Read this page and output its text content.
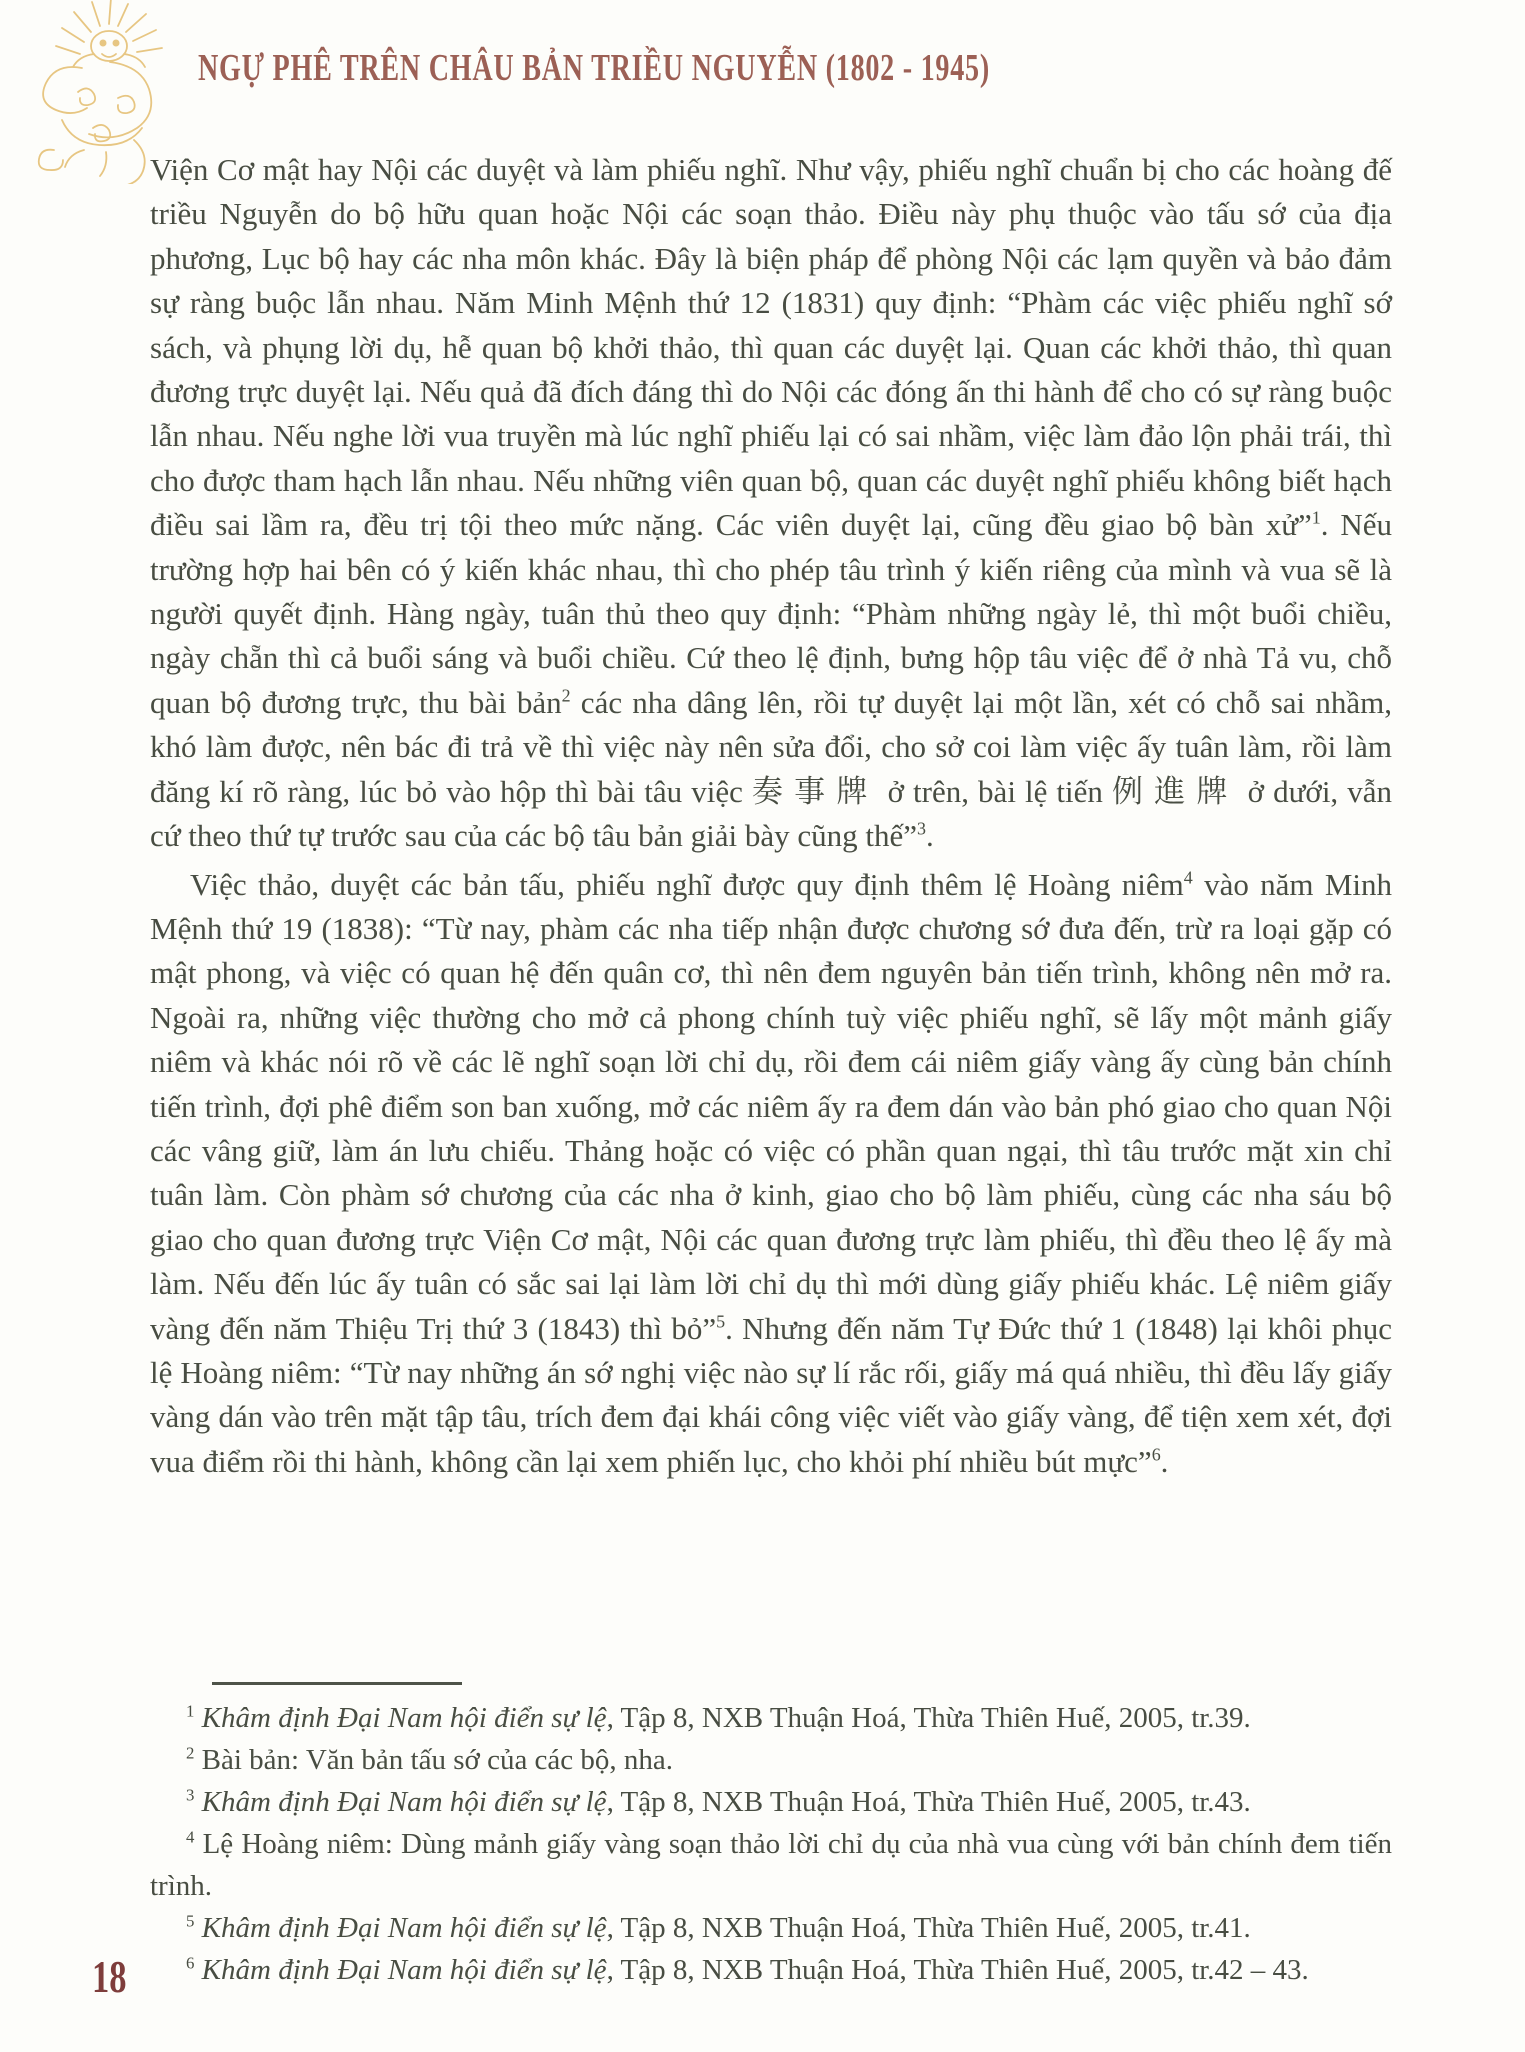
NGỰ PHÊ TRÊN CHÂU BẢN TRIỀU NGUYỄN (1802 - 1945)

Viện Cơ mật hay Nội các duyệt và làm phiếu nghĩ. Như vậy, phiếu nghĩ chuẩn bị cho các hoàng đế triều Nguyễn do bộ hữu quan hoặc Nội các soạn thảo. Điều này phụ thuộc vào tấu sớ của địa phương, Lục bộ hay các nha môn khác. Đây là biện pháp để phòng Nội các lạm quyền và bảo đảm sự ràng buộc lẫn nhau. Năm Minh Mệnh thứ 12 (1831) quy định: “Phàm các việc phiếu nghĩ sớ sách, và phụng lời dụ, hễ quan bộ khởi thảo, thì quan các duyệt lại. Quan các khởi thảo, thì quan đương trực duyệt lại. Nếu quả đã đích đáng thì do Nội các đóng ấn thi hành để cho có sự ràng buộc lẫn nhau. Nếu nghe lời vua truyền mà lúc nghĩ phiếu lại có sai nhầm, việc làm đảo lộn phải trái, thì cho được tham hạch lẫn nhau. Nếu những viên quan bộ, quan các duyệt nghĩ phiếu không biết hạch điều sai lầm ra, đều trị tội theo mức nặng. Các viên duyệt lại, cũng đều giao bộ bàn xử”$^1$. Nếu trường hợp hai bên có ý kiến khác nhau, thì cho phép tâu trình ý kiến riêng của mình và vua sẽ là người quyết định. Hàng ngày, tuân thủ theo quy định: “Phàm những ngày lẻ, thì một buổi chiều, ngày chẵn thì cả buổi sáng và buổi chiều. Cứ theo lệ định, bưng hộp tâu việc để ở nhà Tả vu, chỗ quan bộ đương trực, thu bài bản$^2$ các nha dâng lên, rồi tự duyệt lại một lần, xét có chỗ sai nhầm, khó làm được, nên bác đi trả về thì việc này nên sửa đổi, cho sở coi làm việc ấy tuân làm, rồi làm đăng kí rõ ràng, lúc bỏ vào hộp thì bài tâu việc 奏事牌 ở trên, bài lệ tiến 例進牌 ở dưới, vẫn cứ theo thứ tự trước sau của các bộ tâu bản giải bày cũng thế”$^3$.

Việc thảo, duyệt các bản tấu, phiếu nghĩ được quy định thêm lệ Hoàng niêm$^4$ vào năm Minh Mệnh thứ 19 (1838): “Từ nay, phàm các nha tiếp nhận được chương sớ đưa đến, trừ ra loại gặp có mật phong, và việc có quan hệ đến quân cơ, thì nên đem nguyên bản tiến trình, không nên mở ra. Ngoài ra, những việc thường cho mở cả phong chính tuỳ việc phiếu nghĩ, sẽ lấy một mảnh giấy niêm và khác nói rõ về các lẽ nghĩ soạn lời chỉ dụ, rồi đem cái niêm giấy vàng ấy cùng bản chính tiến trình, đợi phê điểm son ban xuống, mở các niêm ấy ra đem dán vào bản phó giao cho quan Nội các vâng giữ, làm án lưu chiếu. Thảng hoặc có việc có phần quan ngại, thì tâu trước mặt xin chỉ tuân làm. Còn phàm sớ chương của các nha ở kinh, giao cho bộ làm phiếu, cùng các nha sáu bộ giao cho quan đương trực Viện Cơ mật, Nội các quan đương trực làm phiếu, thì đều theo lệ ấy mà làm. Nếu đến lúc ấy tuân có sắc sai lại làm lời chỉ dụ thì mới dùng giấy phiếu khác. Lệ niêm giấy vàng đến năm Thiệu Trị thứ 3 (1843) thì bỏ”$^5$. Nhưng đến năm Tự Đức thứ 1 (1848) lại khôi phục lệ Hoàng niêm: “Từ nay những án sớ nghị việc nào sự lí rắc rối, giấy má quá nhiều, thì đều lấy giấy vàng dán vào trên mặt tập tâu, trích đem đại khái công việc viết vào giấy vàng, để tiện xem xét, đợi vua điểm rồi thi hành, không cần lại xem phiến lục, cho khỏi phí nhiều bút mực”$^6$.

$^1$ Khâm định Đại Nam hội điển sự lệ, Tập 8, NXB Thuận Hoá, Thừa Thiên Huế, 2005, tr.39.

$^2$ Bài bản: Văn bản tấu sớ của các bộ, nha.

$^3$ Khâm định Đại Nam hội điển sự lệ, Tập 8, NXB Thuận Hoá, Thừa Thiên Huế, 2005, tr.43.

$^4$ Lệ Hoàng niêm: Dùng mảnh giấy vàng soạn thảo lời chỉ dụ của nhà vua cùng với bản chính đem tiến trình.

$^5$ Khâm định Đại Nam hội điển sự lệ, Tập 8, NXB Thuận Hoá, Thừa Thiên Huế, 2005, tr.41.

$^6$ Khâm định Đại Nam hội điển sự lệ, Tập 8, NXB Thuận Hoá, Thừa Thiên Huế, 2005, tr.42 – 43.

18
